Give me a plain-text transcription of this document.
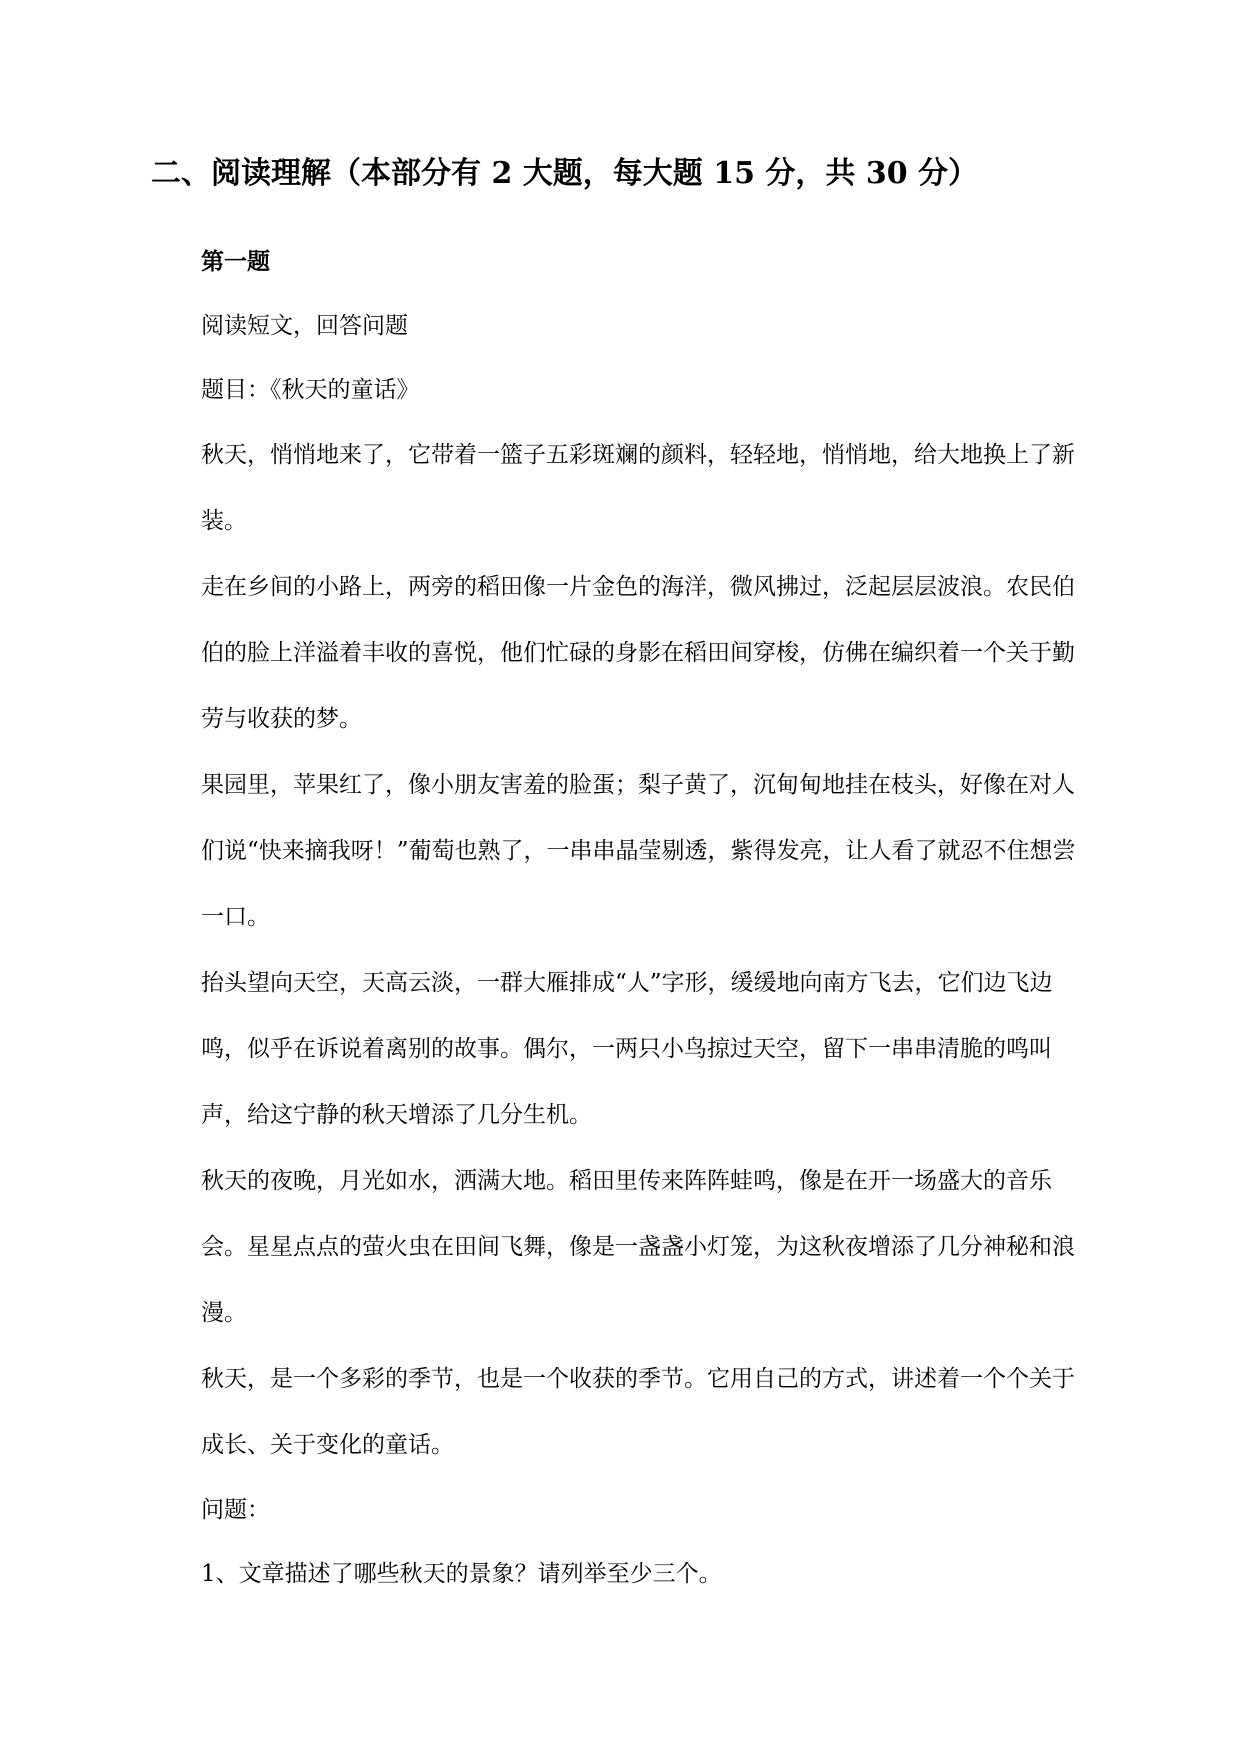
二、阅读理解（本部分有 2 大题，每大题 15 分，共 30 分）

第一题

阅读短文，回答问题

题目：《秋天的童话》

秋天，悄悄地来了，它带着一篮子五彩斑斓的颜料，轻轻地，悄悄地，给大地换上了新装。

走在乡间的小路上，两旁的稻田像一片金色的海洋，微风拂过，泛起层层波浪。农民伯伯的脸上洋溢着丰收的喜悦，他们忙碌的身影在稻田间穿梭，仿佛在编织着一个关于勤劳与收获的梦。

果园里，苹果红了，像小朋友害羞的脸蛋；梨子黄了，沉甸甸地挂在枝头，好像在对人们说“快来摘我呀！”葡萄也熟了，一串串晶莹剔透，紫得发亮，让人看了就忍不住想尝一口。

抬头望向天空，天高云淡，一群大雁排成“人”字形，缓缓地向南方飞去，它们边飞边鸣，似乎在诉说着离别的故事。偶尔，一两只小鸟掠过天空，留下一串串清脆的鸣叫声，给这宁静的秋天增添了几分生机。

秋天的夜晚，月光如水，洒满大地。稻田里传来阵阵蛙鸣，像是在开一场盛大的音乐会。星星点点的萤火虫在田间飞舞，像是一盏盏小灯笼，为这秋夜增添了几分神秘和浪漫。

秋天，是一个多彩的季节，也是一个收获的季节。它用自己的方式，讲述着一个个关于成长、关于变化的童话。

问题：

1、文章描述了哪些秋天的景象？请列举至少三个。
